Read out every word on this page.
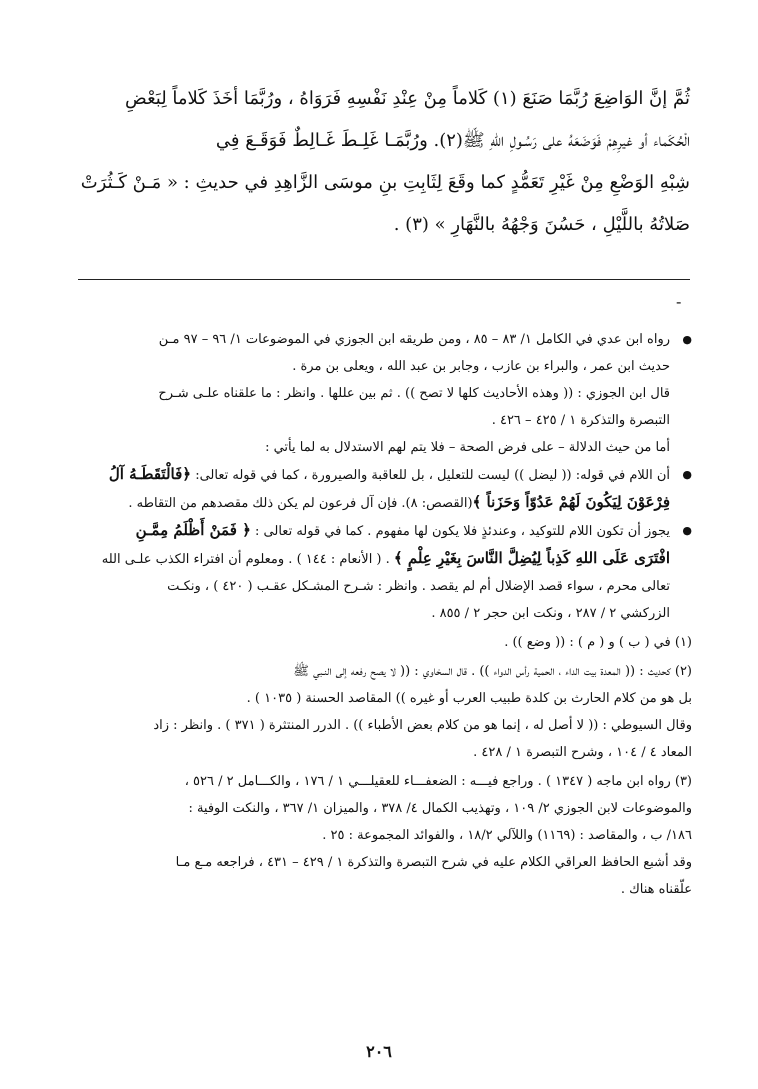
ثُمَّ إنَّ الوَاضِعَ رُبَّمَا صَنَعَ (١) كَلاماً مِنْ عِنْدِ نَفْسِهِ فَرَوَاهُ ، ورُبَّمَا أخَذَ كَلاماً لِبَعْضِ

الْحُكَماء أو غيرِهِمْ فَوَضَعَهُ على رَسُـولِ اللهِ ﷺ(٢). ورُبَّمَـا غَلِـطَ غَـالِطٌ فَوَقَـعَ فِي

شِبْهِ الوَضْعِ مِنْ غَيْرِ تَعَمُّدٍ كما وقَعَ لِثَابِتِ بنِ موسَى الزَّاهِدِ في حديثِ : « مَـنْ كَـثُرَتْ

صَلاتُهُ باللَّيْلِ ، حَسُنَ وَجْهُهُ بالنَّهَارِ » (٣) .

-

● رواه ابن عدي في الكامل ١/ ٨٣ – ٨٥ ، ومن طريقه ابن الجوزي في الموضوعات ١/ ٩٦ – ٩٧ مـن

حديث ابن عمر ، والبراء بن عازب ، وجابر بن عبد الله ، ويعلى بن مرة .

قال ابن الجوزي : (( وهذه الأحاديث كلها لا تصح )) . ثم بين عللها . وانظر : ما علقناه علـى شـرح

التبصرة والتذكرة ١ / ٤٢٥ – ٤٢٦ .

أما من حيث الدلالة – على فرض الصحة – فلا يتم لهم الاستدلال به لما يأتي :

● أن اللام في قوله: (( ليضل )) ليست للتعليل ، بل للعاقبة والصيرورة ، كما في قوله تعالى: ﴿فَالْتَقَطَـهُ آلُ

فِرْعَوْنَ لِيَكُونَ لَهُمْ عَدُوّاً وَحَزَناً ﴾(القصص: ٨). فإن آل فرعون لم يكن ذلك مقصدهم من التقاطه .

● يجوز أن تكون اللام للتوكيد ، وعندئذٍ فلا يكون لها مفهوم . كما في قوله تعالى : ﴿ فَمَنْ أَظْلَمُ مِمَّـنِ

افْتَرَى عَلَى اللهِ كَذِباً لِيُضِلَّ النَّاسَ بِغَيْرِ عِلْمٍ ﴾ . ( الأنعام : ١٤٤ ) . ومعلوم أن افتراء الكذب علـى الله

تعالى محرم ، سواء قصد الإضلال أم لم يقصد . وانظر : شـرح المشـكل عقـب ( ٤٢٠ ) ، ونكـت

الزركشي ٢ / ٢٨٧ ، ونكت ابن حجر ٢ / ٨٥٥ .

(١) في ( ب ) و ( م ) : (( وضع )) .

(٢) كحديث : (( المعدة بيت الداء ، الحمية رأس الدواء )) . قال السخاوي : (( لا يصح رفعه إلى النـبي ﷺ

بل هو من كلام الحارث بن كلدة طبيب العرب أو غيره )) المقاصد الحسنة ( ١٠٣٥ ) .

وقال السيوطي : (( لا أصل له ، إنما هو من كلام بعض الأطباء )) . الدرر المنتثرة ( ٣٧١ ) . وانظر : زاد

المعاد ٤ / ١٠٤ ، وشرح التبصرة ١ / ٤٢٨ .

(٣) رواه ابن ماجه ( ١٣٤٧ ) . وراجع فيـــه : الضعفـــاء للعقيلـــي ١ / ١٧٦ ، والكـــامل ٢ / ٥٢٦ ،

والموضوعات لابن الجوزي ٢/ ١٠٩ ، وتهذيب الكمال ٤/ ٣٧٨ ، والميزان ١/ ٣٦٧ ، والنكت الوفية :

١٨٦/ ب ، والمقاصد : (١١٦٩) واللآلي ١٨/٢ ، والفوائد المجموعة : ٢٥ .

وقد أشبع الحافظ العراقي الكلام عليه في شرح التبصرة والتذكرة ١ / ٤٢٩ – ٤٣١ ، فراجعه مـع مـا

علّقناه هناك .

٢٠٦
